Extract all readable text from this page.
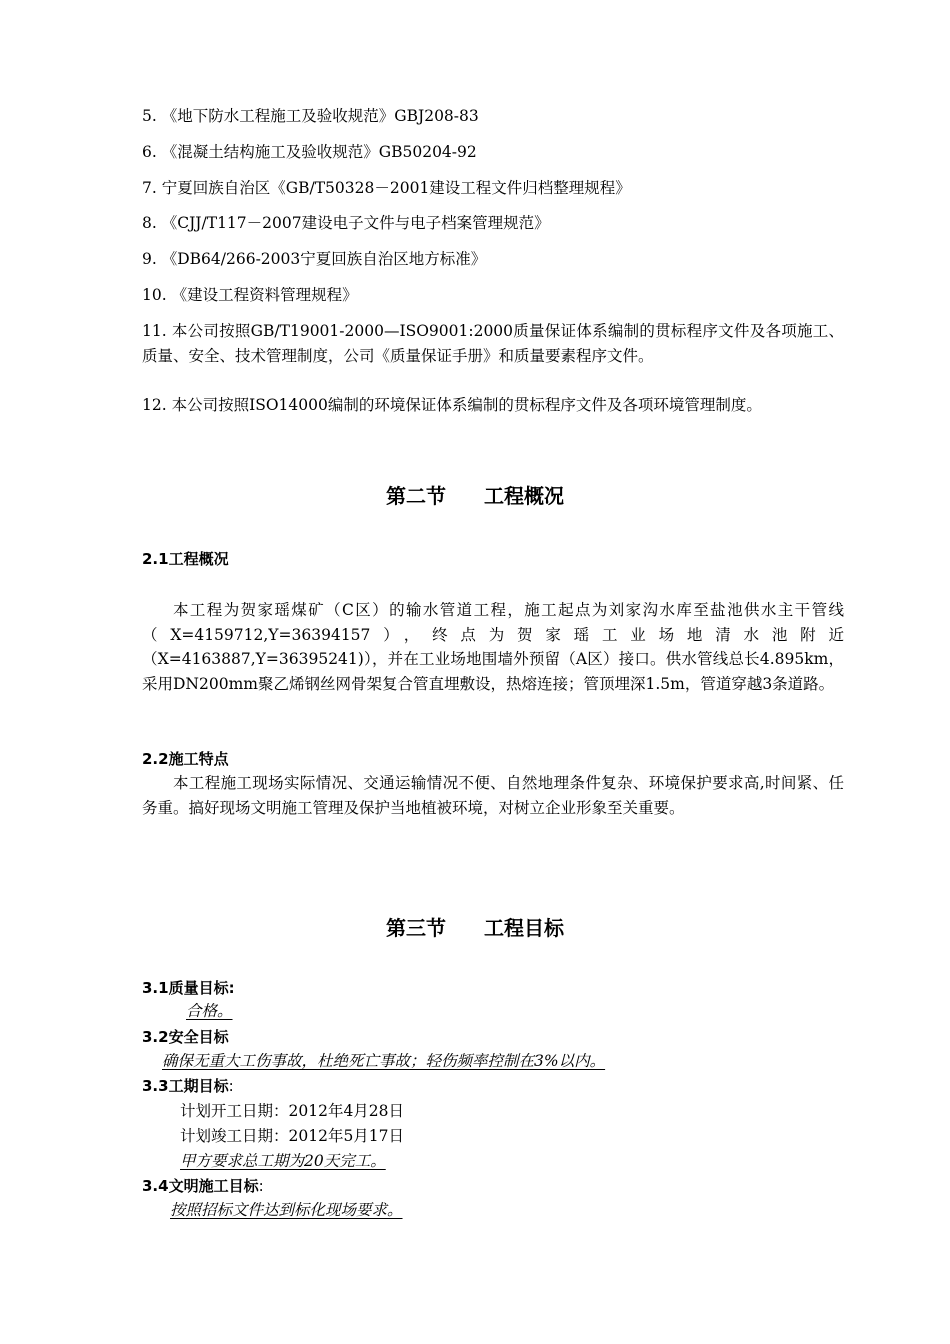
5. 《地下防水工程施工及验收规范》GBJ208-83
6. 《混凝土结构施工及验收规范》GB50204-92
7. 宁夏回族自治区《GB/T50328－2001建设工程文件归档整理规程》
8. 《CJJ/T117－2007建设电子文件与电子档案管理规范》
9. 《DB64/266-2003宁夏回族自治区地方标准》
10. 《建设工程资料管理规程》
11. 本公司按照GB/T19001-2000—ISO9001:2000质量保证体系编制的贯标程序文件及各项施工、质量、安全、技术管理制度，公司《质量保证手册》和质量要素程序文件。
12. 本公司按照ISO14000编制的环境保证体系编制的贯标程序文件及各项环境管理制度。
第二节 工程概况
2.1工程概况
本工程为贺家瑶煤矿（C区）的输水管道工程，施工起点为刘家沟水库至盐池供水主干管线（X=4159712,Y=36394157），终点为贺家瑶工业场地清水池附近（X=4163887,Y=36395241)），并在工业场地围墙外预留（A区）接口。供水管线总长4.895km，采用DN200mm聚乙烯钢丝网骨架复合管直埋敷设，热熔连接；管顶埋深1.5m，管道穿越3条道路。
2.2施工特点
本工程施工现场实际情况、交通运输情况不便、自然地理条件复杂、环境保护要求高,时间紧、任务重。搞好现场文明施工管理及保护当地植被环境，对树立企业形象至关重要。
第三节 工程目标
3.1质量目标:
合格。
3.2安全目标
确保无重大工伤事故，杜绝死亡事故；轻伤频率控制在3%以内。
3.3工期目标:
计划开工日期：2012年4月28日
计划竣工日期：2012年5月17日
甲方要求总工期为20天完工。
3.4文明施工目标:
按照招标文件达到标化现场要求。
